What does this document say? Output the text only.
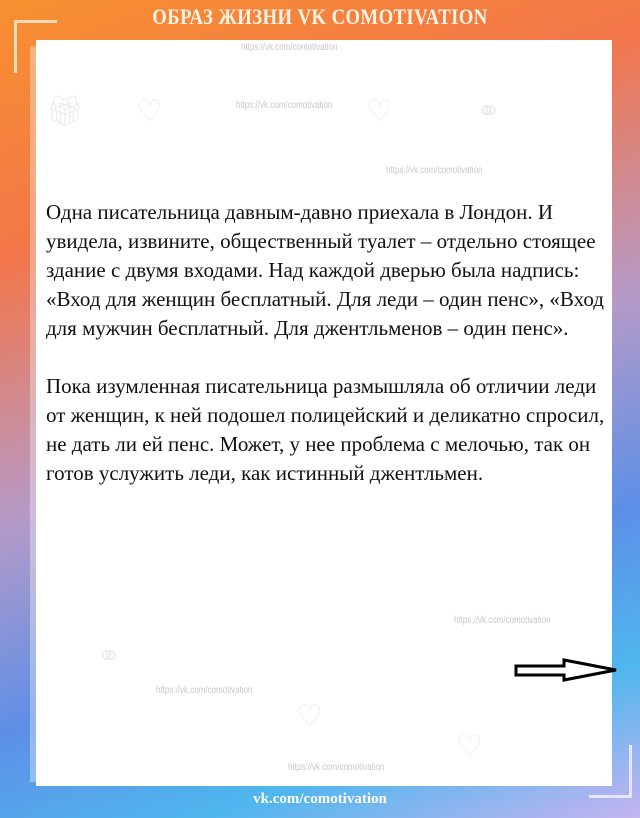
ОБРАЗ ЖИЗНИ VK COMOTIVATION
🎁︎ ♡	♡	⚭
⚭
♡
♡
https://vk.com/comotivation
https://vk.com/comotivation
https://vk.com/comotivation
https://vk.com/comotivation
https://vk.com/comotivation
https://vk.com/comotivation

Одна писательница давным-давно приехала в Лондон. И увидела, извините, общественный туалет – отдельно стоящее здание с двумя входами. Над каждой дверью была надпись: «Вход для женщин бесплатный. Для леди – один пенс», «Вход для мужчин бесплатный. Для джентльменов – один пенс».

Пока изумленная писательница размышляла об отличии леди от женщин, к ней подошел полицейский и деликатно спросил, не дать ли ей пенс. Может, у нее проблема с мелочью, так он готов услужить леди, как истинный джентльмен.

vk.com/comotivation
